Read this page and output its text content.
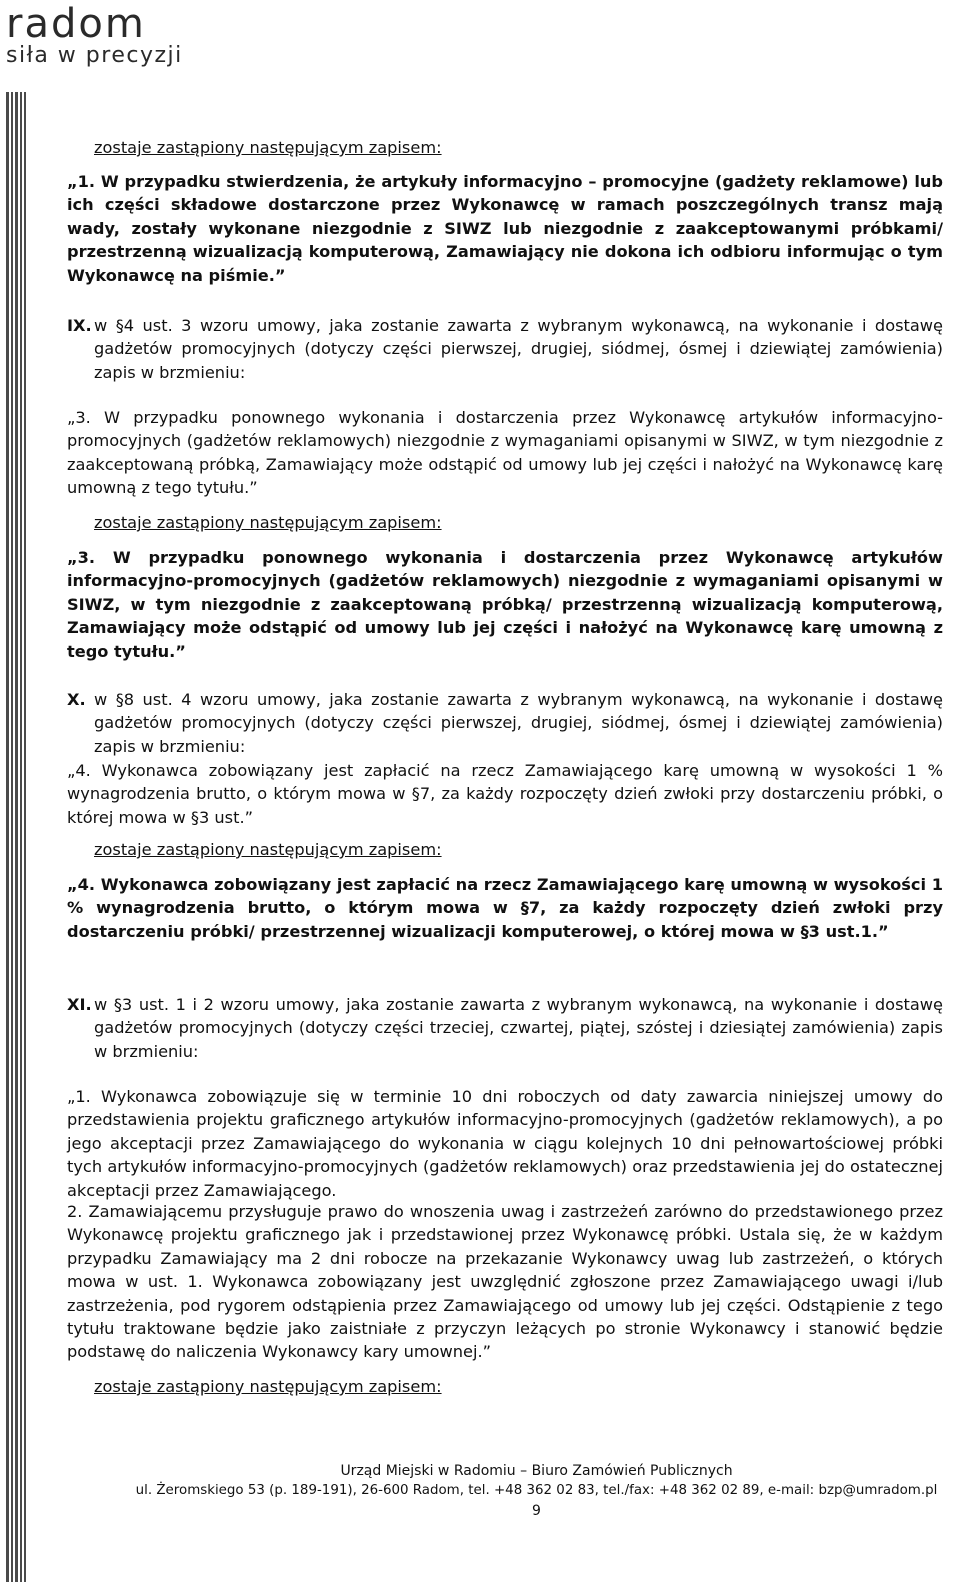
radom
siła w precyzji
zostaje zastąpiony następującym zapisem:
„1. W przypadku stwierdzenia, że artykuły informacyjno – promocyjne (gadżety reklamowe) lub ich części składowe dostarczone przez Wykonawcę w ramach poszczególnych transz mają wady, zostały wykonane niezgodnie z SIWZ lub niezgodnie z zaakceptowanymi próbkami/ przestrzenną wizualizacją komputerową, Zamawiający nie dokona ich odbioru informując o tym Wykonawcę na piśmie.”
IX. w §4 ust. 3 wzoru umowy, jaka zostanie zawarta z wybranym wykonawcą, na wykonanie i dostawę gadżetów promocyjnych (dotyczy części pierwszej, drugiej, siódmej, ósmej i dziewiątej zamówienia) zapis w brzmieniu:

„3. W przypadku ponownego wykonania i dostarczenia przez Wykonawcę artykułów informacyjno-promocyjnych (gadżetów reklamowych) niezgodnie z wymaganiami opisanymi w SIWZ, w tym niezgodnie z zaakceptowaną próbką, Zamawiający może odstąpić od umowy lub jej części i nałożyć na Wykonawcę karę umowną z tego tytułu.”
zostaje zastąpiony następującym zapisem:
„3. W przypadku ponownego wykonania i dostarczenia przez Wykonawcę artykułów informacyjno-promocyjnych (gadżetów reklamowych) niezgodnie z wymaganiami opisanymi w SIWZ, w tym niezgodnie z zaakceptowaną próbką/ przestrzenną wizualizacją komputerową, Zamawiający może odstąpić od umowy lub jej części i nałożyć na Wykonawcę karę umowną z tego tytułu.”
X. w §8 ust. 4 wzoru umowy, jaka zostanie zawarta z wybranym wykonawcą, na wykonanie i dostawę gadżetów promocyjnych (dotyczy części pierwszej, drugiej, siódmej, ósmej i dziewiątej zamówienia) zapis w brzmieniu:

„4. Wykonawca zobowiązany jest zapłacić na rzecz Zamawiającego karę umowną w wysokości 1 % wynagrodzenia brutto, o którym mowa w §7, za każdy rozpoczęty dzień zwłoki przy dostarczeniu próbki, o której mowa w §3 ust.”
zostaje zastąpiony następującym zapisem:
„4. Wykonawca zobowiązany jest zapłacić na rzecz Zamawiającego karę umowną w wysokości 1 % wynagrodzenia brutto, o którym mowa w §7, za każdy rozpoczęty dzień zwłoki przy dostarczeniu próbki/ przestrzennej wizualizacji komputerowej, o której mowa w §3 ust.1.”
XI. w §3 ust. 1 i 2 wzoru umowy, jaka zostanie zawarta z wybranym wykonawcą, na wykonanie i dostawę gadżetów promocyjnych (dotyczy części trzeciej, czwartej, piątej, szóstej i dziesiątej zamówienia) zapis w brzmieniu:

„1. Wykonawca zobowiązuje się w terminie 10 dni roboczych od daty zawarcia niniejszej umowy do przedstawienia projektu graficznego artykułów informacyjno-promocyjnych (gadżetów reklamowych), a po jego akceptacji przez Zamawiającego do wykonania w ciągu kolejnych 10 dni pełnowartościowej próbki tych artykułów informacyjno-promocyjnych (gadżetów reklamowych) oraz przedstawienia jej do ostatecznej akceptacji przez Zamawiającego.
2. Zamawiającemu przysługuje prawo do wnoszenia uwag i zastrzeżeń zarówno do przedstawionego przez Wykonawcę projektu graficznego jak i przedstawionej przez Wykonawcę próbki. Ustala się, że w każdym przypadku Zamawiający ma 2 dni robocze na przekazanie Wykonawcy uwag lub zastrzeżeń, o których mowa w ust. 1. Wykonawca zobowiązany jest uwzględnić zgłoszone przez Zamawiającego uwagi i/lub zastrzeżenia, pod rygorem odstąpienia przez Zamawiającego od umowy lub jej części. Odstąpienie z tego tytułu traktowane będzie jako zaistniałe z przyczyn leżących po stronie Wykonawcy i stanowić będzie podstawę do naliczenia Wykonawcy kary umownej.”
zostaje zastąpiony następującym zapisem:

Urząd Miejski w Radomiu – Biuro Zamówień Publicznych

ul. Żeromskiego 53 (p. 189-191), 26-600 Radom, tel. +48 362 02 83, tel./fax: +48 362 02 89, e-mail: bzp@umradom.pl

9
